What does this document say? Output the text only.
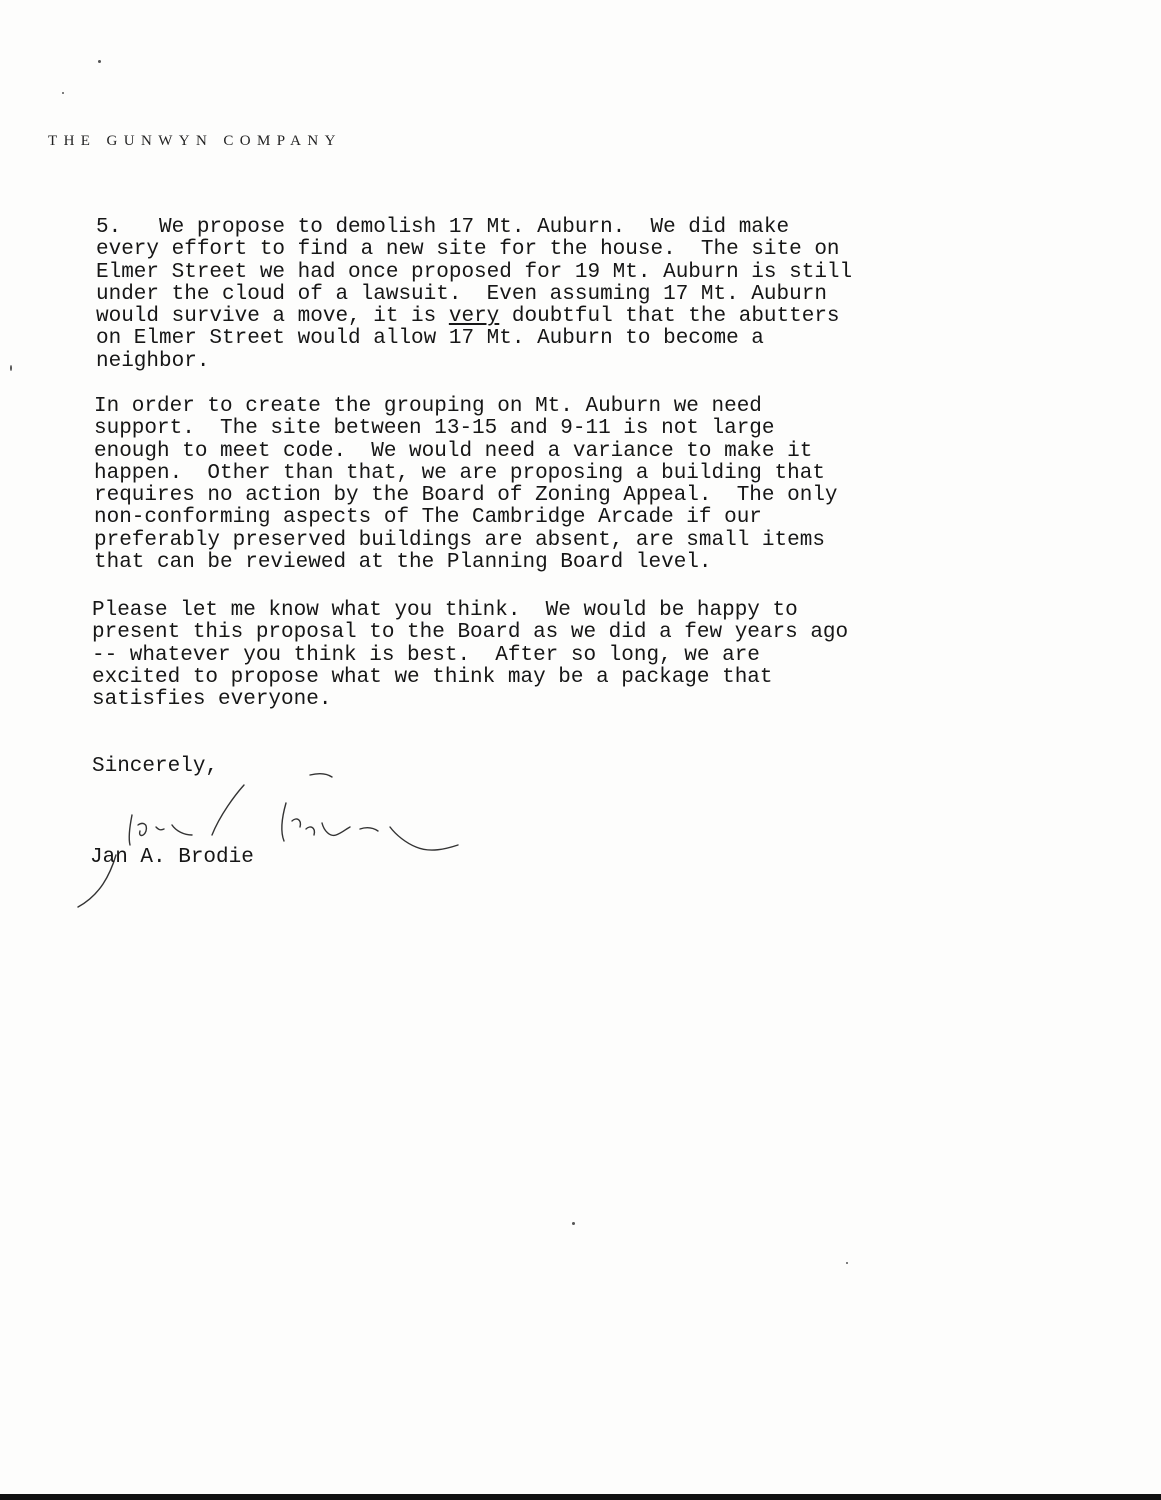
THE GUNWYN COMPANY

5.   We propose to demolish 17 Mt. Auburn.  We did make
every effort to find a new site for the house.  The site on
Elmer Street we had once proposed for 19 Mt. Auburn is still
under the cloud of a lawsuit.  Even assuming 17 Mt. Auburn
would survive a move, it is very doubtful that the abutters
on Elmer Street would allow 17 Mt. Auburn to become a
neighbor.

In order to create the grouping on Mt. Auburn we need
support.  The site between 13-15 and 9-11 is not large
enough to meet code.  We would need a variance to make it
happen.  Other than that, we are proposing a building that
requires no action by the Board of Zoning Appeal.  The only
non-conforming aspects of The Cambridge Arcade if our
preferably preserved buildings are absent, are small items
that can be reviewed at the Planning Board level.

Please let me know what you think.  We would be happy to
present this proposal to the Board as we did a few years ago
-- whatever you think is best.  After so long, we are
excited to propose what we think may be a package that
satisfies everyone.

Sincerely,

Jan A. Brodie
